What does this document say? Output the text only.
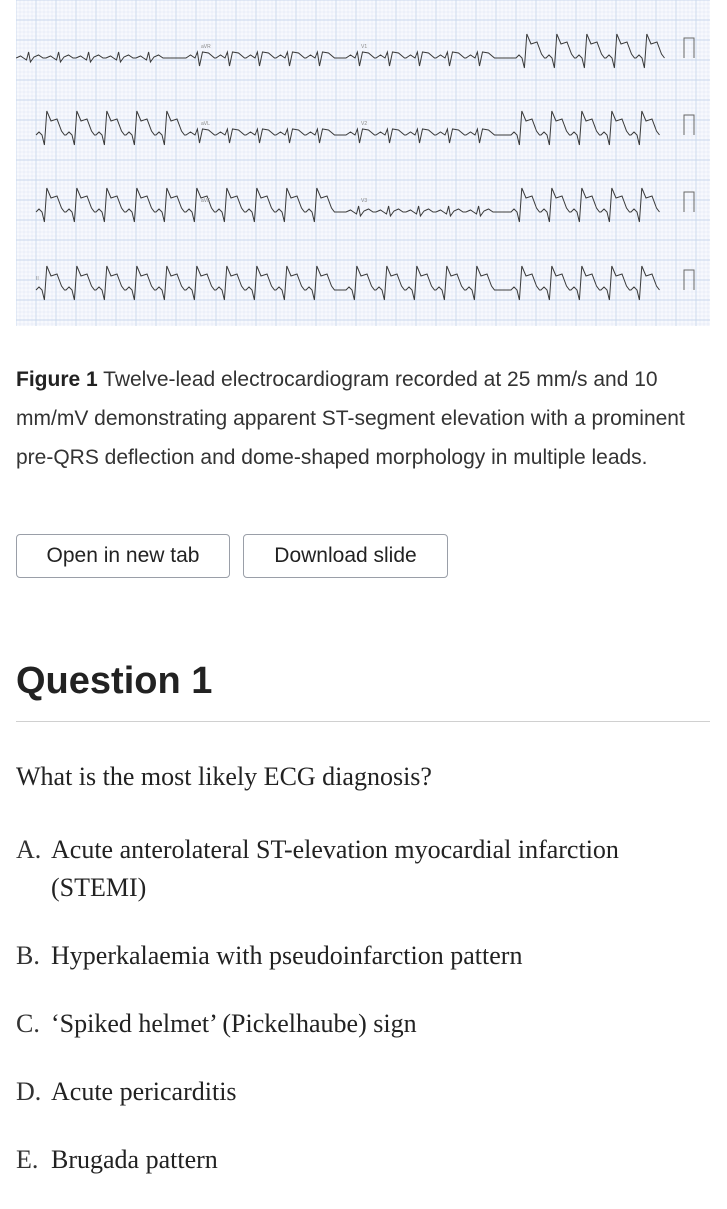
aVR	V1
aVL	V2
aVF	V3
II
Figure 1 Twelve-lead electrocardiogram recorded at 25 mm/s and 10 mm/mV demonstrating apparent ST-segment elevation with a prominent pre-QRS deflection and dome-shaped morphology in multiple leads.
Open in new tab	Download slide
Question 1
What is the most likely ECG diagnosis?
A. Acute anterolateral ST-elevation myocardial infarction (STEMI)
B. Hyperkalaemia with pseudoinfarction pattern
C. ‘Spiked helmet’ (Pickelhaube) sign
D. Acute pericarditis
E. Brugada pattern
